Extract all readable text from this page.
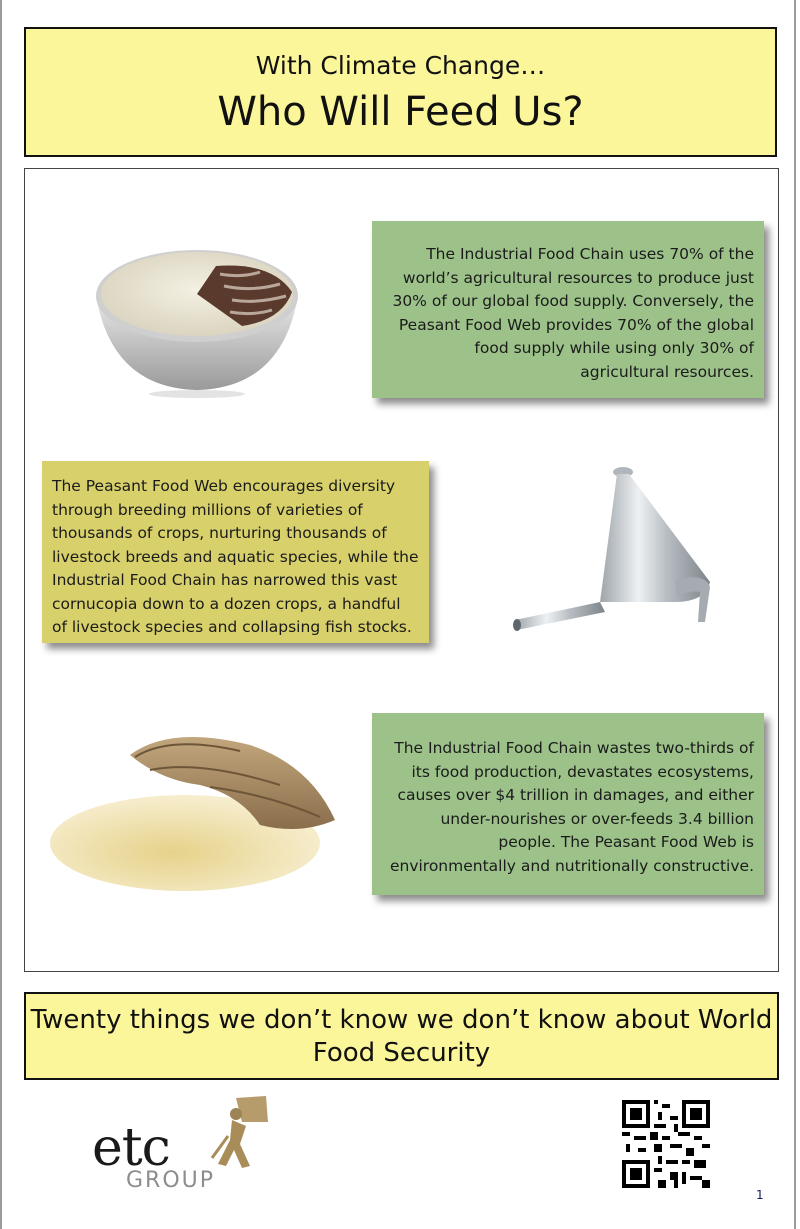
With Climate Change…
Who Will Feed Us?
The Industrial Food Chain uses 70% of the
world’s agricultural resources to produce just
30% of our global food supply. Conversely, the
Peasant Food Web provides 70% of the global
food supply while using only 30% of
agricultural resources.
The Peasant Food Web encourages diversity
through breeding millions of varieties of
thousands of crops, nurturing thousands of
livestock breeds and aquatic species, while the
Industrial Food Chain has narrowed this vast
cornucopia down to a dozen crops, a handful
of livestock species and collapsing fish stocks.
The Industrial Food Chain wastes two-thirds of
its food production, devastates ecosystems,
causes over $4 trillion in damages, and either
under-nourishes or over-feeds 3.4 billion
people. The Peasant Food Web is
environmentally and nutritionally constructive.
Twenty things we don’t know we don’t know about World
Food Security
etc
GROUP
1
